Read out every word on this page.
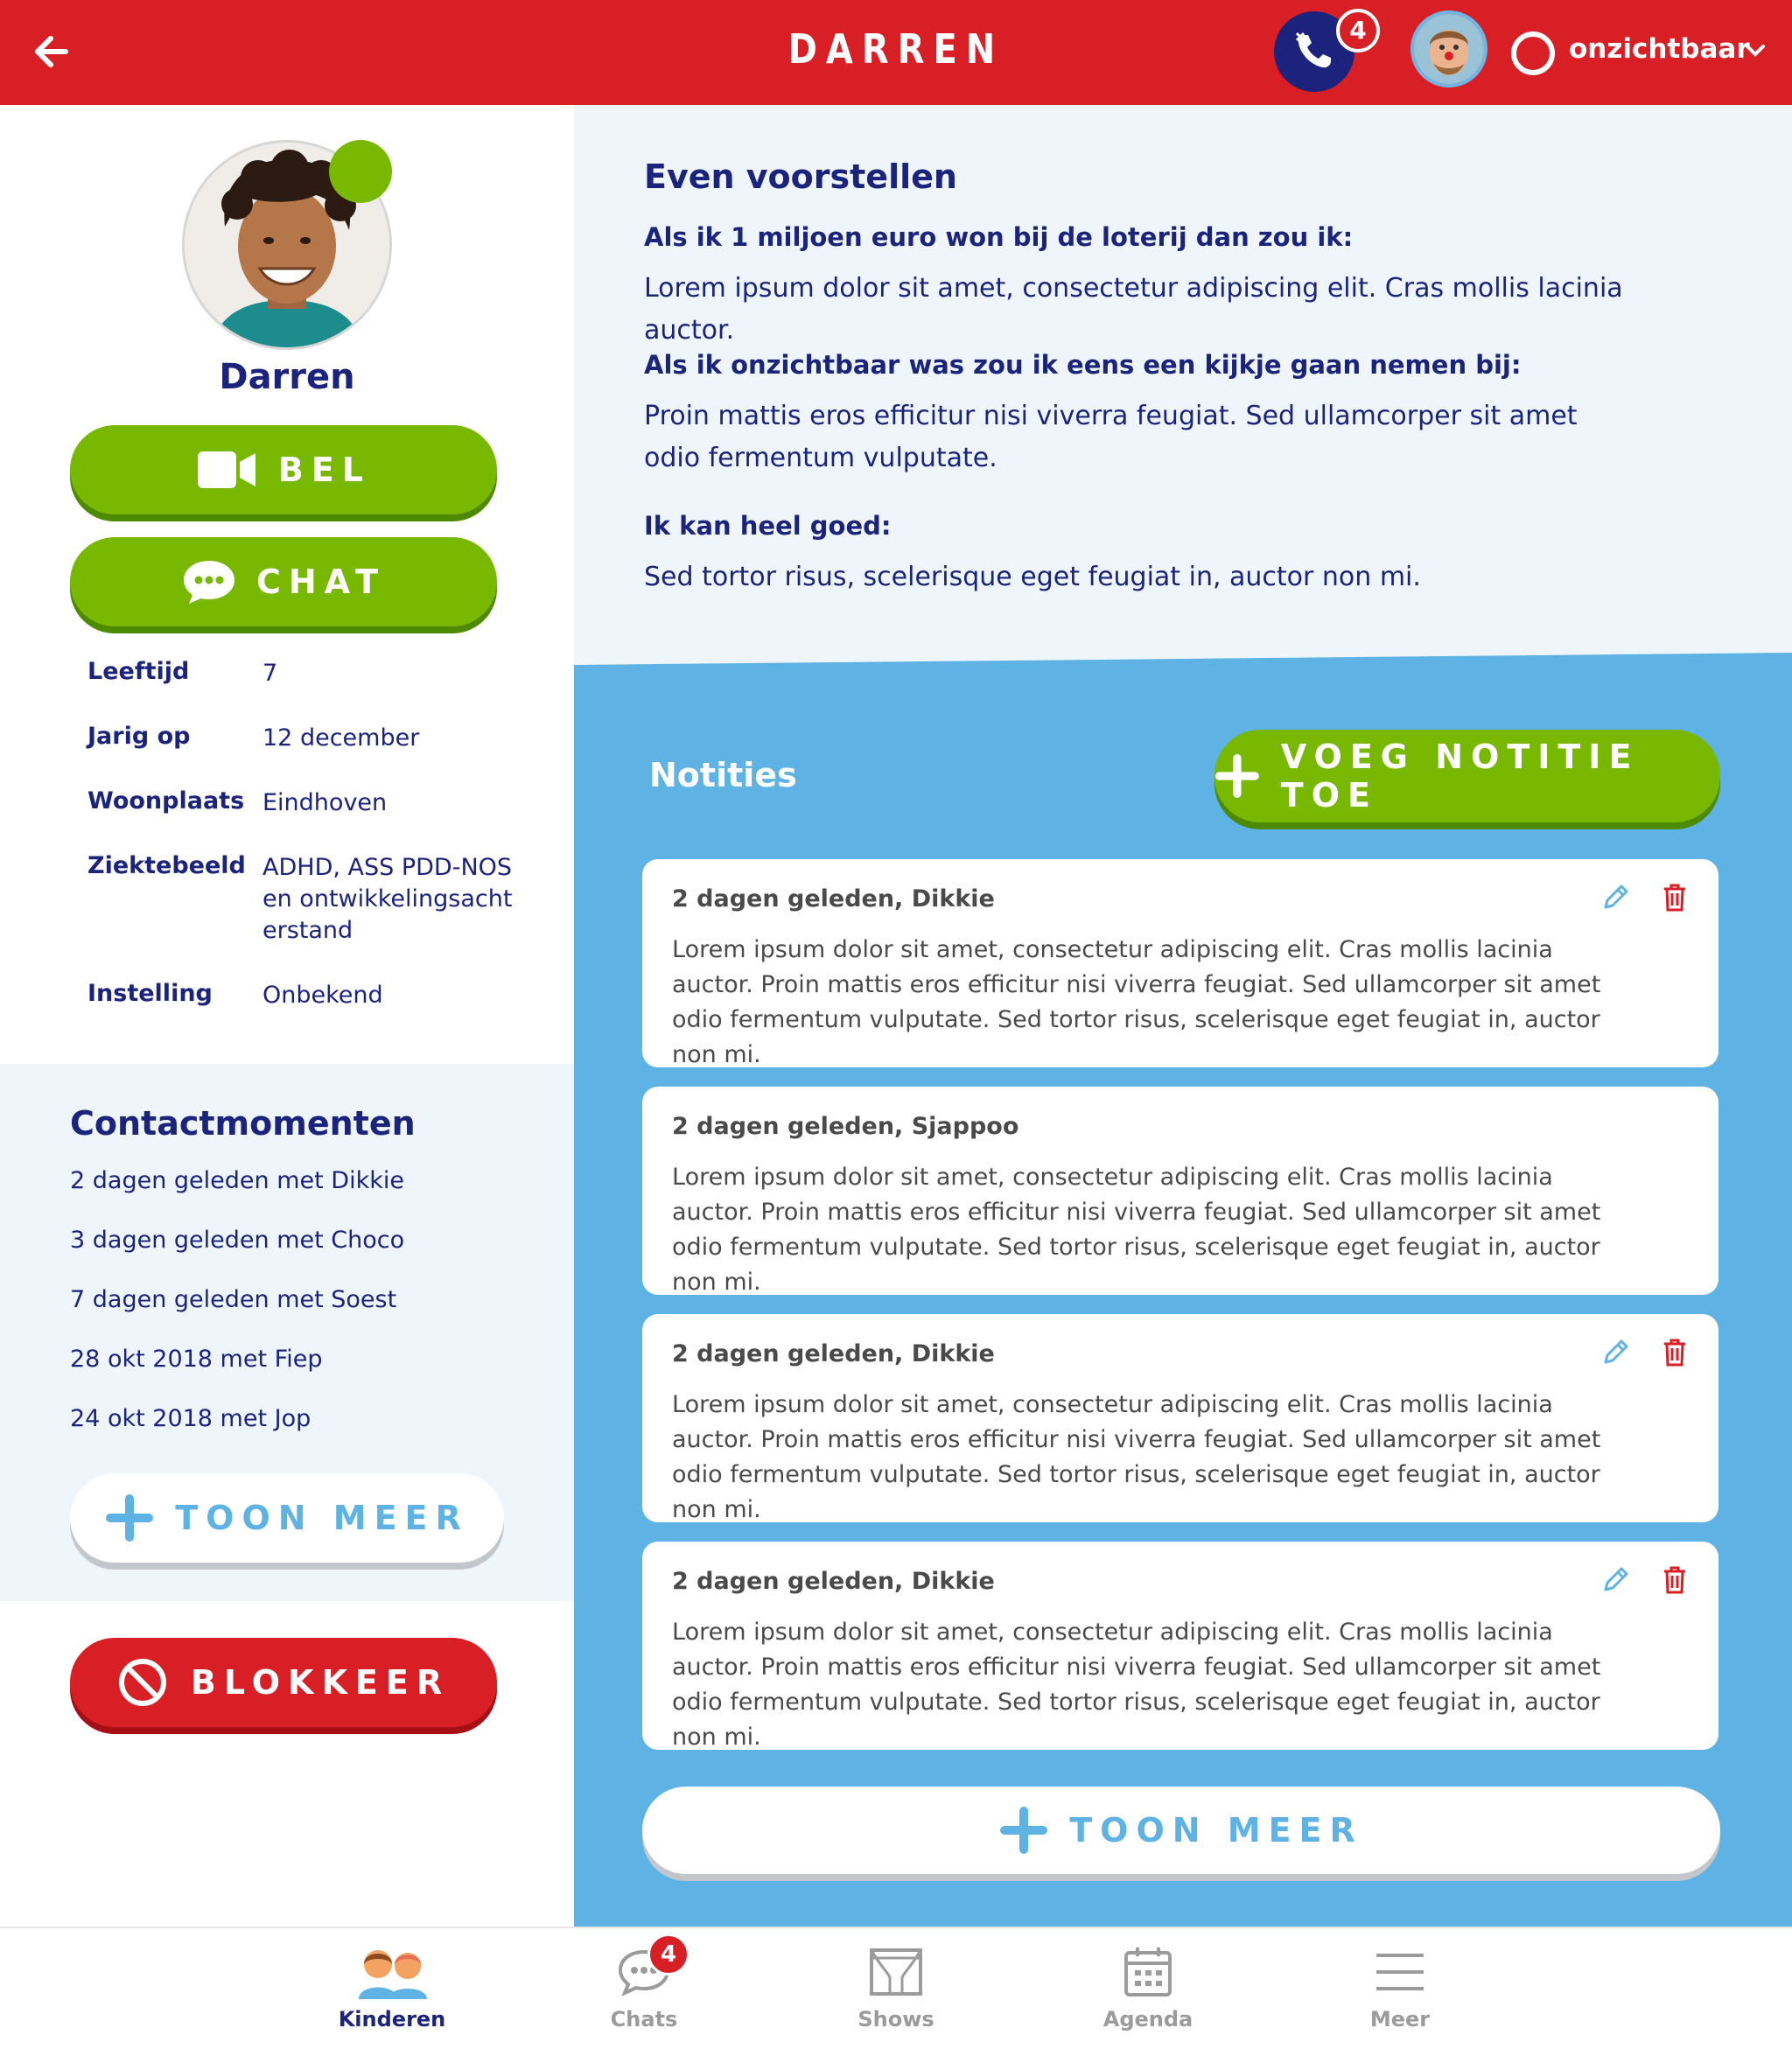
DARREN	4
onzichtbaar
Darren
BEL
CHAT
Leeftijd	7
Jarig op	12 december
Woonplaats Eindhoven
Ziektebeeld ADHD, ASS PDD-NOS en ontwikkelingsachterstand
Instelling	Onbekend
Contactmomenten
2 dagen geleden met Dikkie
3 dagen geleden met Choco
7 dagen geleden met Soest
28 okt 2018 met Fiep
24 okt 2018 met Jop
TOON MEER
BLOKKEER
Even voorstellen
Als ik 1 miljoen euro won bij de loterij dan zou ik:
Lorem ipsum dolor sit amet, consectetur adipiscing elit. Cras mollis lacinia auctor.
Als ik onzichtbaar was zou ik eens een kijkje gaan nemen bij:
Proin mattis eros efficitur nisi viverra feugiat. Sed ullamcorper sit amet odio fermentum vulputate.
Ik kan heel goed:
Sed tortor risus, scelerisque eget feugiat in, auctor non mi.
Notities	VOEG NOTITIE TOE
2 dagen geleden, Dikkie
Lorem ipsum dolor sit amet, consectetur adipiscing elit. Cras mollis lacinia auctor. Proin mattis eros efficitur nisi viverra feugiat. Sed ullamcorper sit amet odio fermentum vulputate. Sed tortor risus, scelerisque eget feugiat in, auctor non mi.
2 dagen geleden, Sjappoo
Lorem ipsum dolor sit amet, consectetur adipiscing elit. Cras mollis lacinia auctor. Proin mattis eros efficitur nisi viverra feugiat. Sed ullamcorper sit amet odio fermentum vulputate. Sed tortor risus, scelerisque eget feugiat in, auctor non mi.
2 dagen geleden, Dikkie
Lorem ipsum dolor sit amet, consectetur adipiscing elit. Cras mollis lacinia auctor. Proin mattis eros efficitur nisi viverra feugiat. Sed ullamcorper sit amet odio fermentum vulputate. Sed tortor risus, scelerisque eget feugiat in, auctor non mi.
2 dagen geleden, Dikkie
Lorem ipsum dolor sit amet, consectetur adipiscing elit. Cras mollis lacinia auctor. Proin mattis eros efficitur nisi viverra feugiat. Sed ullamcorper sit amet odio fermentum vulputate. Sed tortor risus, scelerisque eget feugiat in, auctor non mi.
TOON MEER
Kinderen	Chats
4
Shows	Agenda	Meer
